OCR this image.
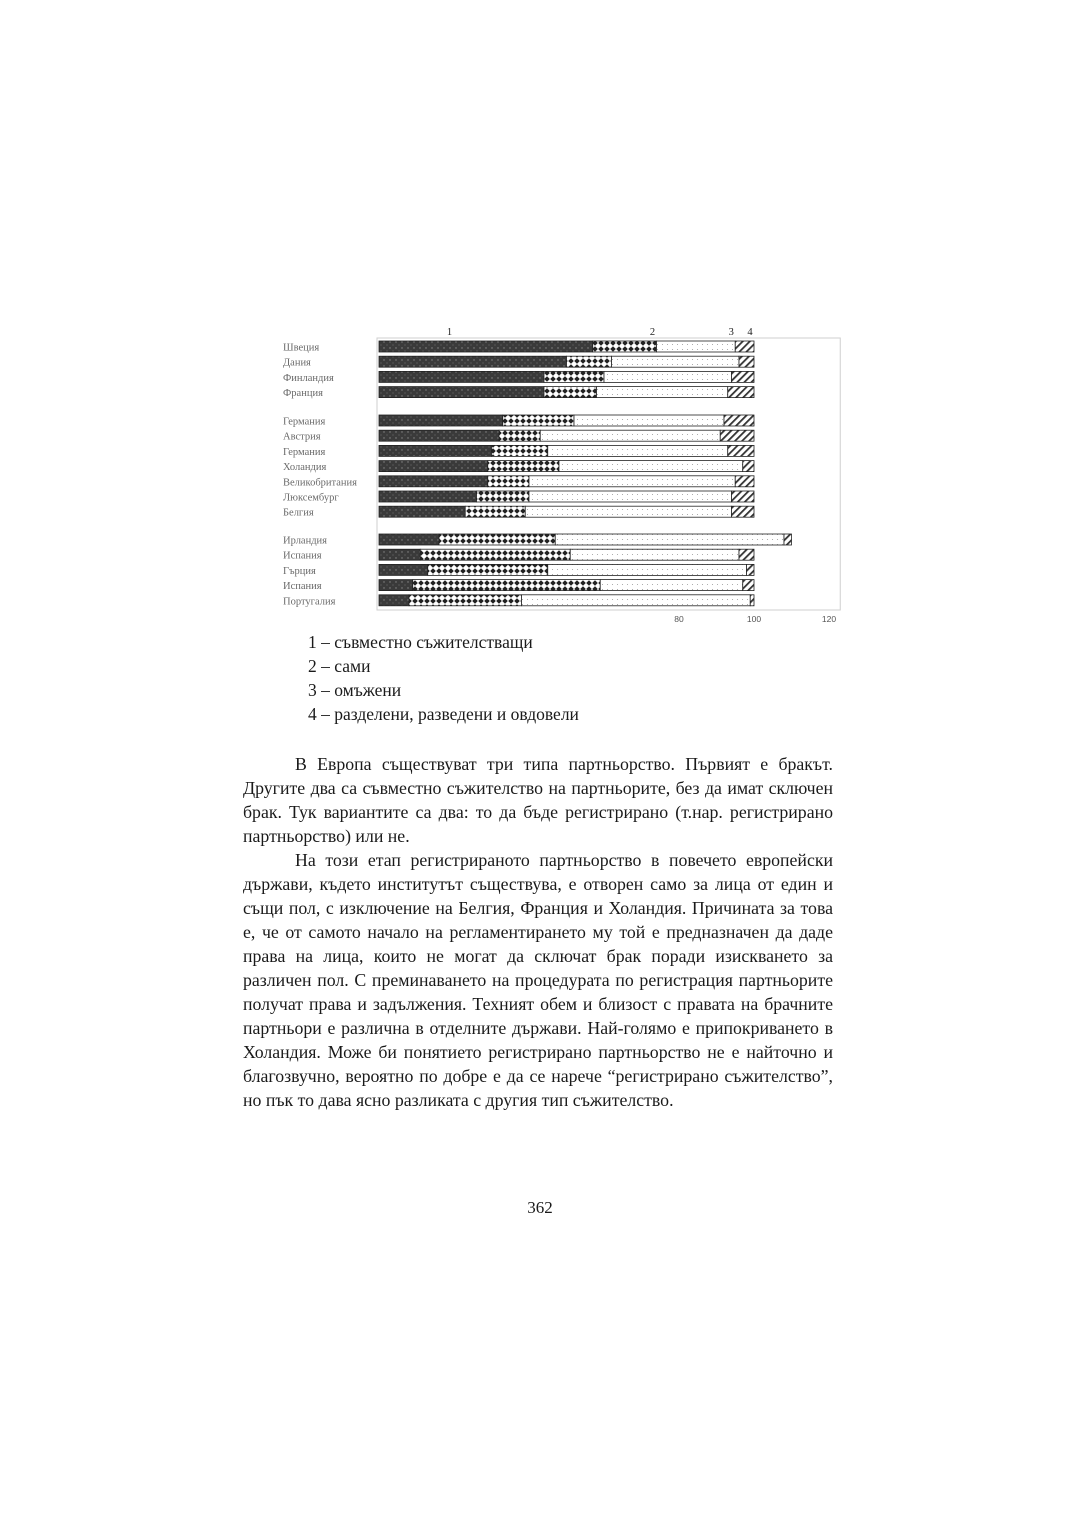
Швеция
Дания
Финландия
Франция
Германия
Австрия
Германия
Холандия
Великобритания
Люксембург
Белгия
Ирландия
Испания
Гърция
Испания
Португалия
80	100	120
1	2	3 4
1 – съвместно съжителстващи
2 – сами
3 – омъжени
4 – разделени, разведени и овдовели

В Европа съществуват три типа партньорство. Първият е бракът. Другите два са съвместно съжителство на партньорите, без да имат сключен брак. Тук вариантите са два: то да бъде регистрирано (т.нар. регистрирано партньорство) или не.

На този етап регистрираното партньорство в повечето европейски държави, където институтът съществува, е отворен само за лица от един и същи пол, с изключение на Белгия, Франция и Холандия. Причината за това е, че от самото начало на регламентирането му той е предназначен да даде права на лица, които не могат да сключат брак поради изискването за различен пол. С преминаването на процедурата по регистрация партньорите получат права и задължения. Техният обем и близост с правата на брачните партньори е различна в отделните държави. Най-голямо е припокриването в Холандия. Може би понятието регистрирано партньорство не е найточно и благозвучно, вероятно по добре е да се нарече “регистрирано съжителство”, но пък то дава ясно разликата с другия тип съжителство.

362
